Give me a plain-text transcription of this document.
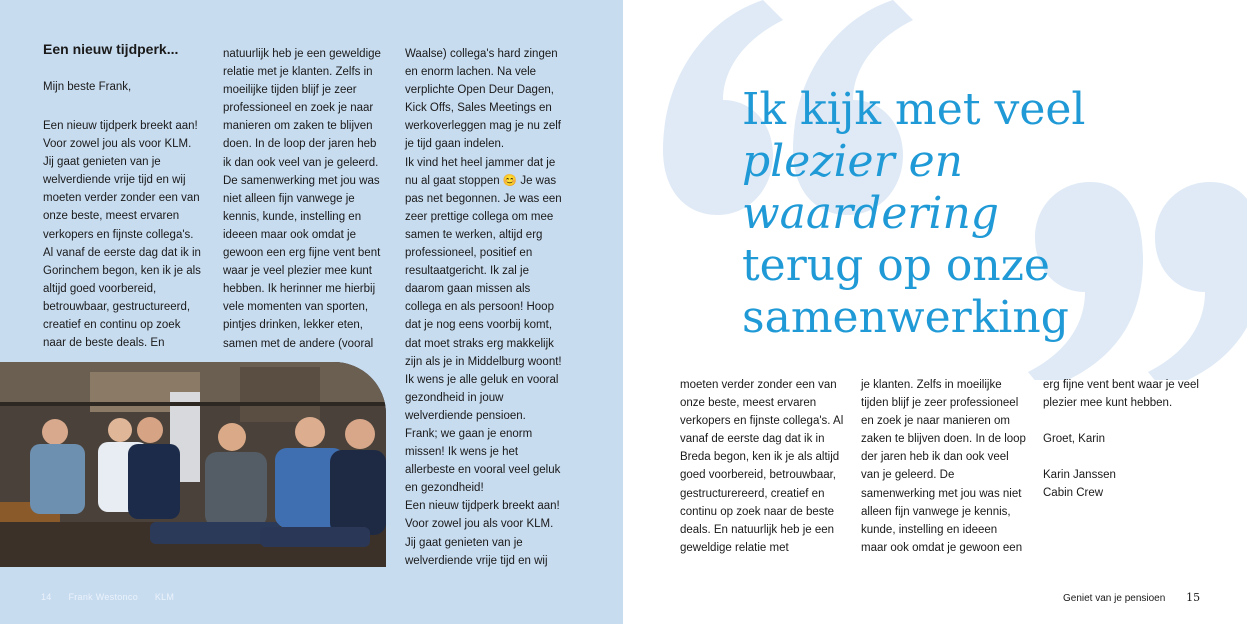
Een nieuw tijdperk...
Mijn beste Frank,

Een nieuw tijdperk breekt aan! Voor zowel jou als voor KLM. Jij gaat genieten van je welverdiende vrije tijd en wij moeten verder zonder een van onze beste, meest ervaren verkopers en fijnste collega's. Al vanaf de eerste dag dat ik in Gorinchem begon, ken ik je als altijd goed voorbereid, betrouwbaar, gestructureerd, creatief en continu op zoek naar de beste deals. En

natuurlijk heb je een geweldige relatie met je klanten. Zelfs in moeilijke tijden blijf je zeer professioneel en zoek je naar manieren om zaken te blijven doen. In de loop der jaren heb ik dan ook veel van je geleerd. De samenwerking met jou was niet alleen fijn vanwege je kennis, kunde, instelling en ideeen maar ook omdat je gewoon een erg fijne vent bent waar je veel plezier mee kunt hebben. Ik herinner me hierbij vele momenten van sporten, pintjes drinken, lekker eten, samen met de andere (vooral

Waalse) collega's hard zingen en enorm lachen. Na vele verplichte Open Deur Dagen, Kick Offs, Sales Meetings en werkoverleggen mag je nu zelf je tijd gaan indelen.

Ik vind het heel jammer dat je nu al gaat stoppen 😊 Je was pas net begonnen. Je was een zeer prettige collega om mee samen te werken, altijd erg professioneel, positief en resultaatgericht. Ik zal je daarom gaan missen als collega en als persoon! Hoop dat je nog eens voorbij komt, dat moet straks erg makkelijk zijn als je in Middelburg woont! Ik wens je alle geluk en vooral gezondheid in jouw welverdiende pensioen.

Frank; we gaan je enorm missen! Ik wens je het allerbeste en vooral veel geluk en gezondheid!

Een nieuw tijdperk breekt aan! Voor zowel jou als voor KLM. Jij gaat genieten van je welverdiende vrije tijd en wij

14 Frank Westonco KLM
Ik kijk met veel
plezier en waardering
terug op onze
samenwerking

moeten verder zonder een van onze beste, meest ervaren verkopers en fijnste collega's. Al vanaf de eerste dag dat ik in Breda begon, ken ik je als altijd goed voorbereid, betrouwbaar, gestructurereerd, creatief en continu op zoek naar de beste deals. En natuurlijk heb je een geweldige relatie met

je klanten. Zelfs in moeilijke tijden blijf je zeer professioneel en zoek je naar manieren om zaken te blijven doen. In de loop der jaren heb ik dan ook veel van je geleerd. De samenwerking met jou was niet alleen fijn vanwege je kennis, kunde, instelling en ideeen maar ook omdat je gewoon een

erg fijne vent bent waar je veel plezier mee kunt hebben.

Groet, Karin

Karin Janssen

Cabin Crew

Geniet van je pensioen 15
